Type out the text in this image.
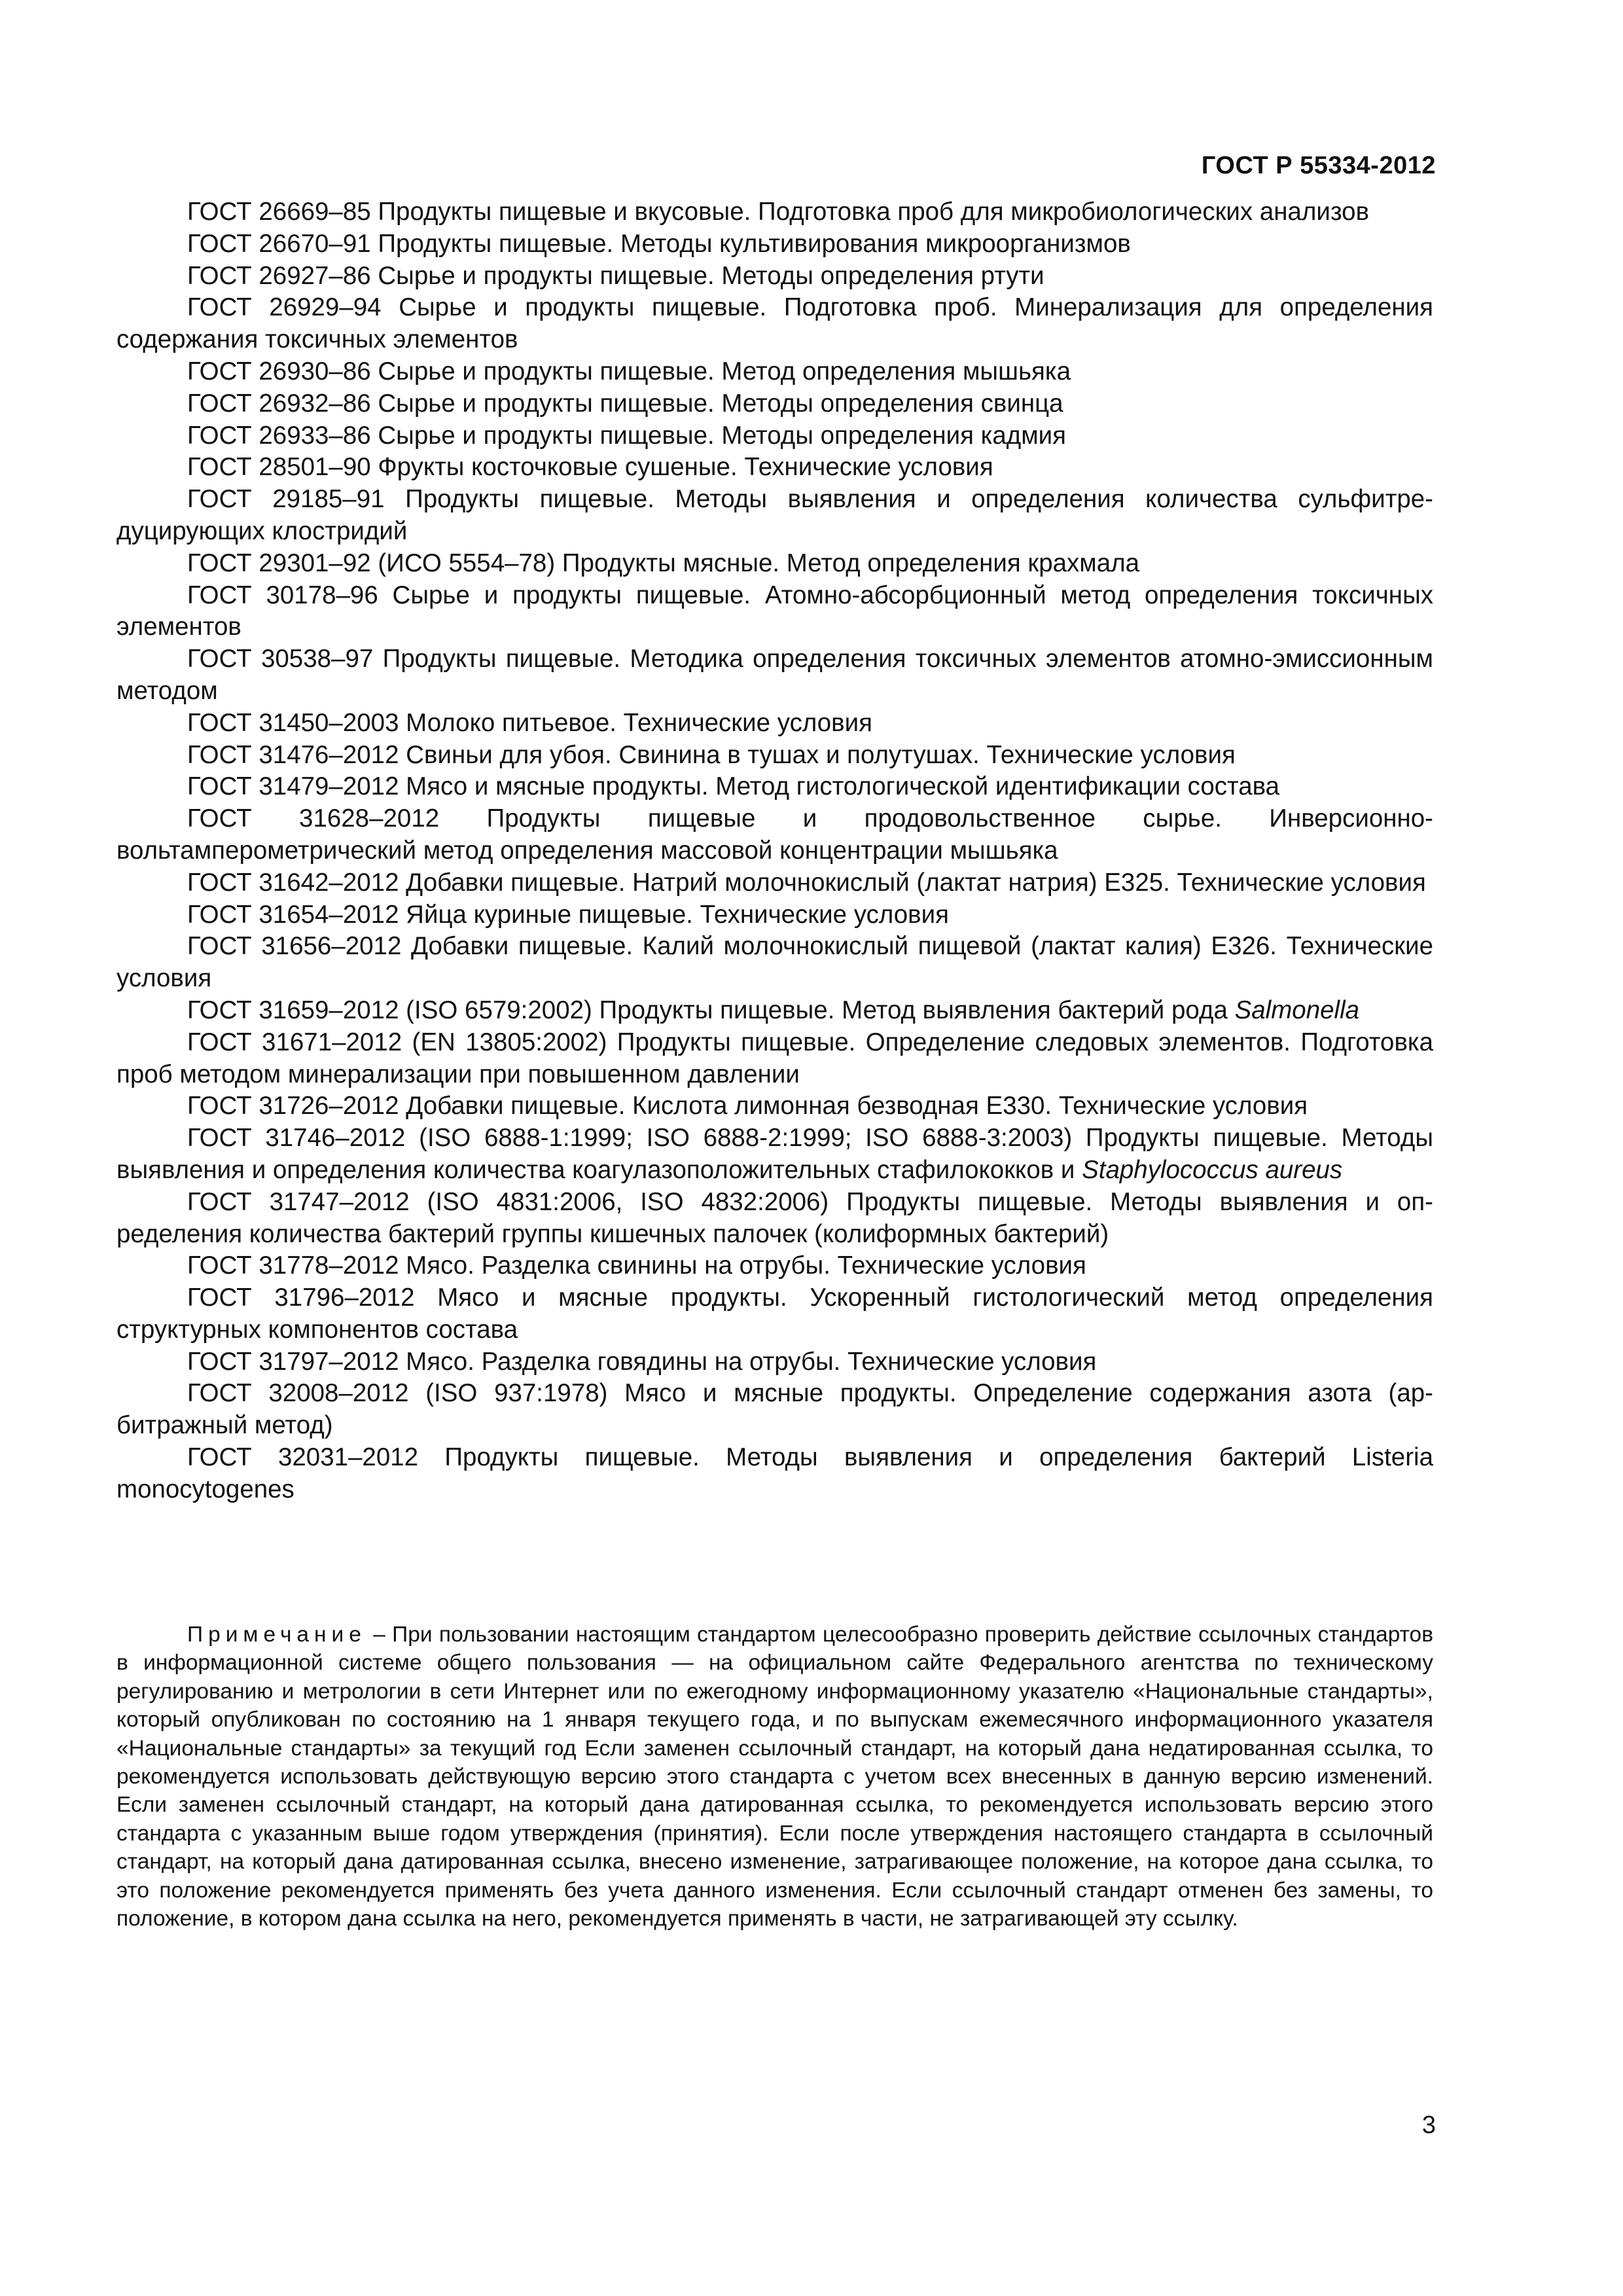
ГОСТ Р 55334-2012

ГОСТ 26669–85 Продукты пищевые и вкусовые. Подготовка проб для микробиологических анализов

ГОСТ 26670–91 Продукты пищевые. Методы культивирования микроорганизмов

ГОСТ 26927–86 Сырье и продукты пищевые. Методы определения ртути

ГОСТ 26929–94 Сырье и продукты пищевые. Подготовка проб. Минерализация для определения содержания токсичных элементов

ГОСТ 26930–86 Сырье и продукты пищевые. Метод определения мышьяка

ГОСТ 26932–86 Сырье и продукты пищевые. Методы определения свинца

ГОСТ 26933–86 Сырье и продукты пищевые. Методы определения кадмия

ГОСТ 28501–90 Фрукты косточковые сушеные. Технические условия

ГОСТ 29185–91 Продукты пищевые. Методы выявления и определения количества сульфитредуцирующих клостридий

ГОСТ 29301–92 (ИСО 5554–78) Продукты мясные. Метод определения крахмала

ГОСТ 30178–96 Сырье и продукты пищевые. Атомно-абсорбционный метод определения токсичных элементов

ГОСТ 30538–97 Продукты пищевые. Методика определения токсичных элементов атомно-эмиссионным методом

ГОСТ 31450–2003 Молоко питьевое. Технические условия

ГОСТ 31476–2012 Свиньи для убоя. Свинина в тушах и полутушах. Технические условия

ГОСТ 31479–2012 Мясо и мясные продукты. Метод гистологической идентификации состава

ГОСТ 31628–2012 Продукты пищевые и продовольственное сырье. Инверсионно-вольтамперометрический метод определения массовой концентрации мышьяка

ГОСТ 31642–2012 Добавки пищевые. Натрий молочнокислый (лактат натрия) Е325. Технические условия

ГОСТ 31654–2012 Яйца куриные пищевые. Технические условия

ГОСТ 31656–2012 Добавки пищевые. Калий молочнокислый пищевой (лактат калия) Е326. Технические условия

ГОСТ 31659–2012 (ISO 6579:2002) Продукты пищевые. Метод выявления бактерий рода Salmonella

ГОСТ 31671–2012 (EN 13805:2002) Продукты пищевые. Определение следовых элементов. Подготовка проб методом минерализации при повышенном давлении

ГОСТ 31726–2012 Добавки пищевые. Кислота лимонная безводная Е330. Технические условия

ГОСТ 31746–2012 (ISO 6888-1:1999; ISO 6888-2:1999; ISO 6888-3:2003) Продукты пищевые. Методы выявления и определения количества коагулазоположительных стафилококков и Staphylococcus aureus

ГОСТ 31747–2012 (ISO 4831:2006, ISO 4832:2006) Продукты пищевые. Методы выявления и определения количества бактерий группы кишечных палочек (колиформных бактерий)

ГОСТ 31778–2012 Мясо. Разделка свинины на отрубы. Технические условия

ГОСТ 31796–2012 Мясо и мясные продукты. Ускоренный гистологический метод определения структурных компонентов состава

ГОСТ 31797–2012 Мясо. Разделка говядины на отрубы. Технические условия

ГОСТ 32008–2012 (ISO 937:1978) Мясо и мясные продукты. Определение содержания азота (арбитражный метод)

ГОСТ 32031–2012 Продукты пищевые. Методы выявления и определения бактерий Listeria monocytogenes

Примечание – При пользовании настоящим стандартом целесообразно проверить действие ссылочных стандартов в информационной системе общего пользования — на официальном сайте Федерального агентства по техническому регулированию и метрологии в сети Интернет или по ежегодному информационному указателю «Национальные стандарты», который опубликован по состоянию на 1 января текущего года, и по выпускам ежемесячного информационного указателя «Национальные стандарты» за текущий год Если заменен ссылочный стандарт, на который дана недатированная ссылка, то рекомендуется использовать действующую версию этого стандарта с учетом всех внесенных в данную версию изменений. Если заменен ссылочный стандарт, на который дана датированная ссылка, то рекомендуется использовать версию этого стандарта с указанным выше годом утверждения (принятия). Если после утверждения настоящего стандарта в ссылочный стандарт, на который дана датированная ссылка, внесено изменение, затрагивающее положение, на которое дана ссылка, то это положение рекомендуется применять без учета данного изменения. Если ссылочный стандарт отменен без замены, то положение, в котором дана ссылка на него, рекомендуется применять в части, не затрагивающей эту ссылку.
3
